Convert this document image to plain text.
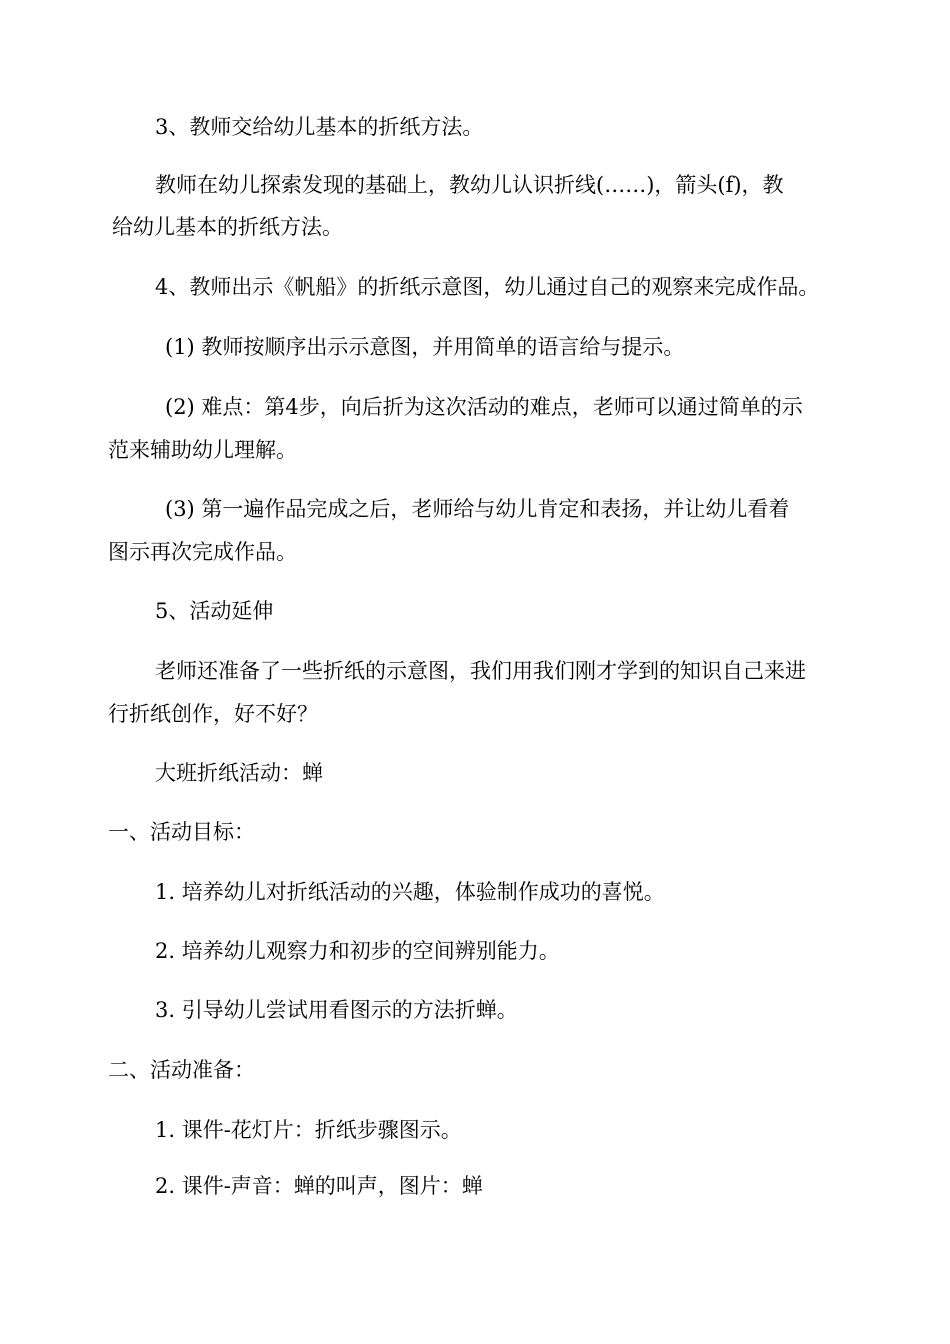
3、教师交给幼儿基本的折纸方法。
教师在幼儿探索发现的基础上，教幼儿认识折线(……)，箭头(f)，教
给幼儿基本的折纸方法。
4、教师出示《帆船》的折纸示意图，幼儿通过自己的观察来完成作品。
(1) 教师按顺序出示示意图，并用简单的语言给与提示。
(2) 难点：第4步，向后折为这次活动的难点，老师可以通过简单的示
范来辅助幼儿理解。
(3) 第一遍作品完成之后，老师给与幼儿肯定和表扬，并让幼儿看着
图示再次完成作品。
5、活动延伸
老师还准备了一些折纸的示意图，我们用我们刚才学到的知识自己来进
行折纸创作，好不好？
大班折纸活动：蝉
一、活动目标：
1. 培养幼儿对折纸活动的兴趣，体验制作成功的喜悦。
2. 培养幼儿观察力和初步的空间辨别能力。
3. 引导幼儿尝试用看图示的方法折蝉。
二、活动准备：
1. 课件-花灯片：折纸步骤图示。
2. 课件-声音：蝉的叫声，图片：蝉
